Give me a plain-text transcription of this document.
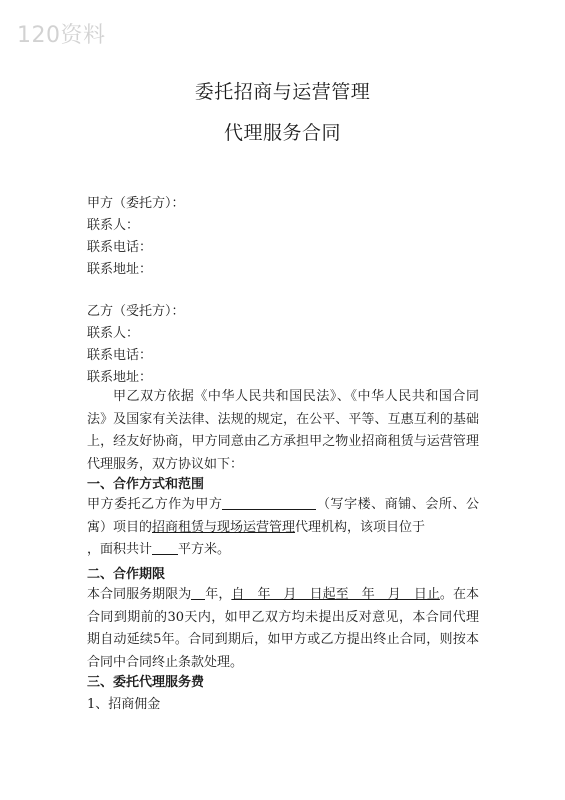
120资料
委托招商与运营管理
代理服务合同
甲方（委托方）：
联系人：
联系电话：
联系地址：
乙方（受托方）：
联系人：
联系电话：
联系地址：
甲乙双方依据《中华人民共和国民法》、《中华人民共和国合同法》及国家有关法律、法规的规定，在公平、平等、互惠互利的基础上，经友好协商，甲方同意由乙方承担甲之物业招商租赁与运营管理代理服务，双方协议如下：
一、合作方式和范围
甲方委托乙方作为甲方	（写字楼、商铺、会所、公寓）项目的招商租赁与现场运营管理代理机构，该项目位于
，面积共计 平方米。
二、合作期限
本合同服务期限为 年，自　年　月　日起至　年　月　日止。在本合同到期前的30天内，如甲乙双方均未提出反对意见，本合同代理期自动延续5年。合同到期后，如甲方或乙方提出终止合同，则按本合同中合同终止条款处理。
三、委托代理服务费
1、招商佣金
